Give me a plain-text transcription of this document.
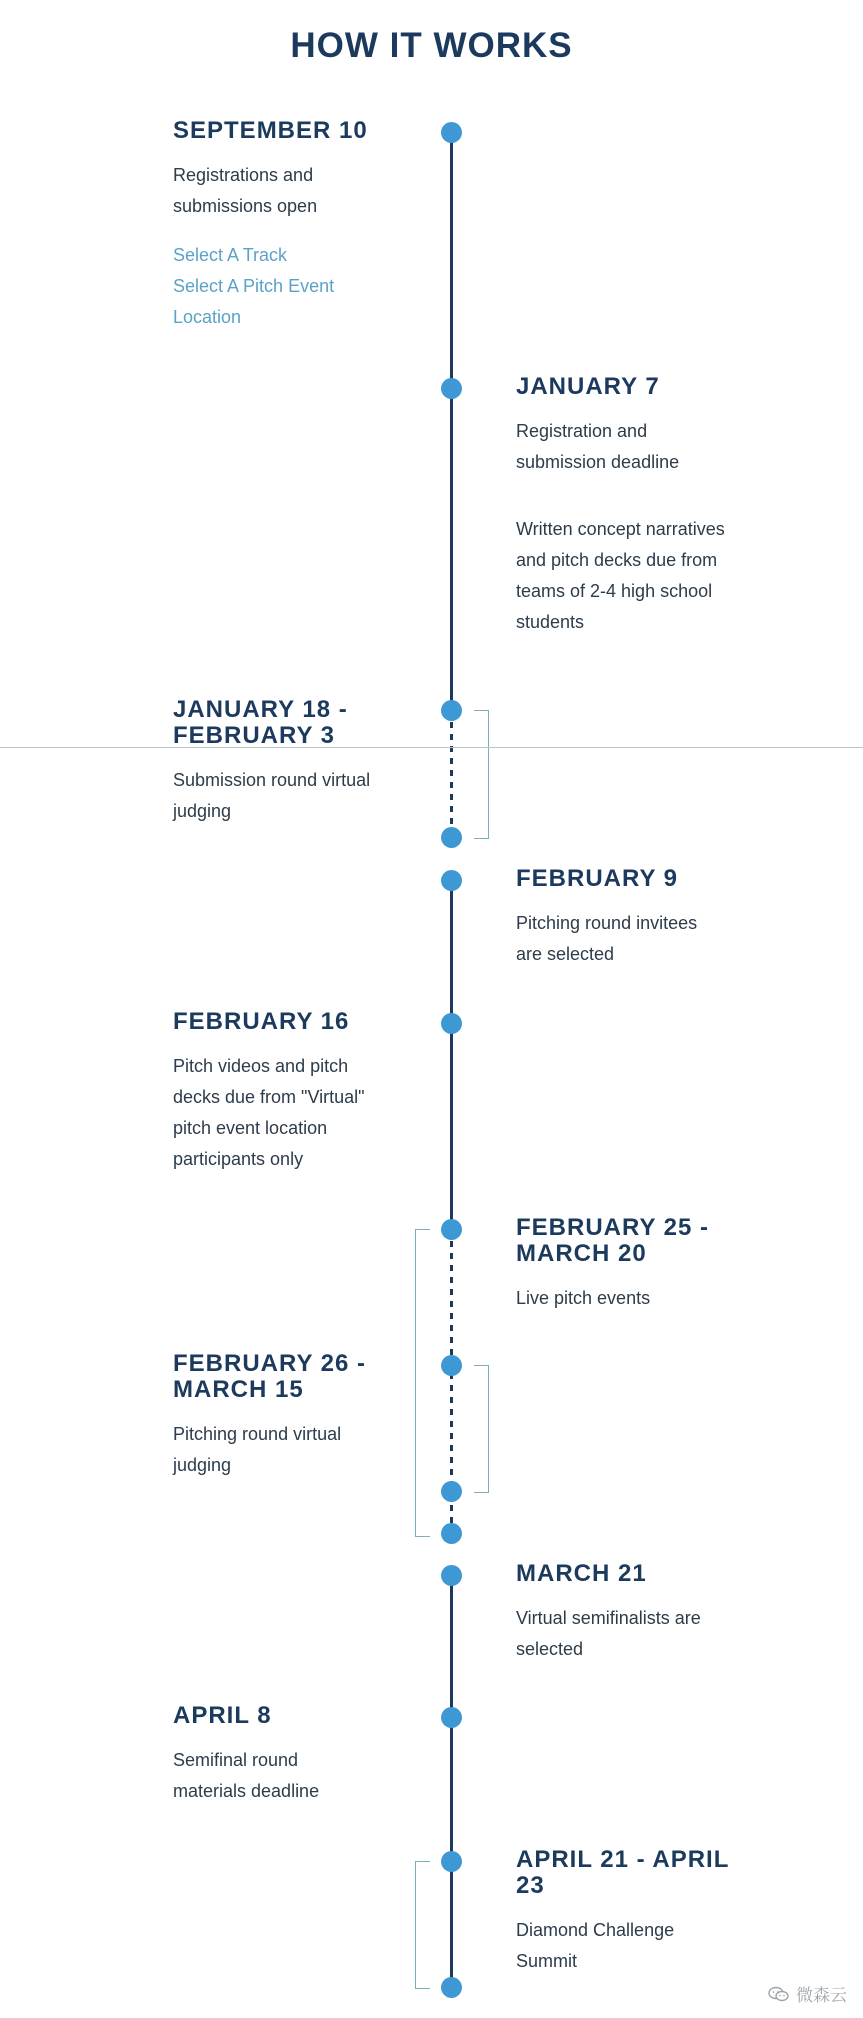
HOW IT WORKS
SEPTEMBER 10

Registrations and submissions open

Select A Track
Select A Pitch Event Location
JANUARY 7

Registration and submission deadline

Written concept narratives and pitch decks due from teams of 2-4 high school students

JANUARY 18 - FEBRUARY 3

Submission round virtual judging

FEBRUARY 9

Pitching round invitees are selected

FEBRUARY 16

Pitch videos and pitch decks due from "Virtual" pitch event location participants only

FEBRUARY 25 - MARCH 20

Live pitch events

FEBRUARY 26 - MARCH 15

Pitching round virtual judging

MARCH 21

Virtual semifinalists are selected

APRIL 8

Semifinal round materials deadline

APRIL 21 - APRIL 23

Diamond Challenge Summit

微森云
